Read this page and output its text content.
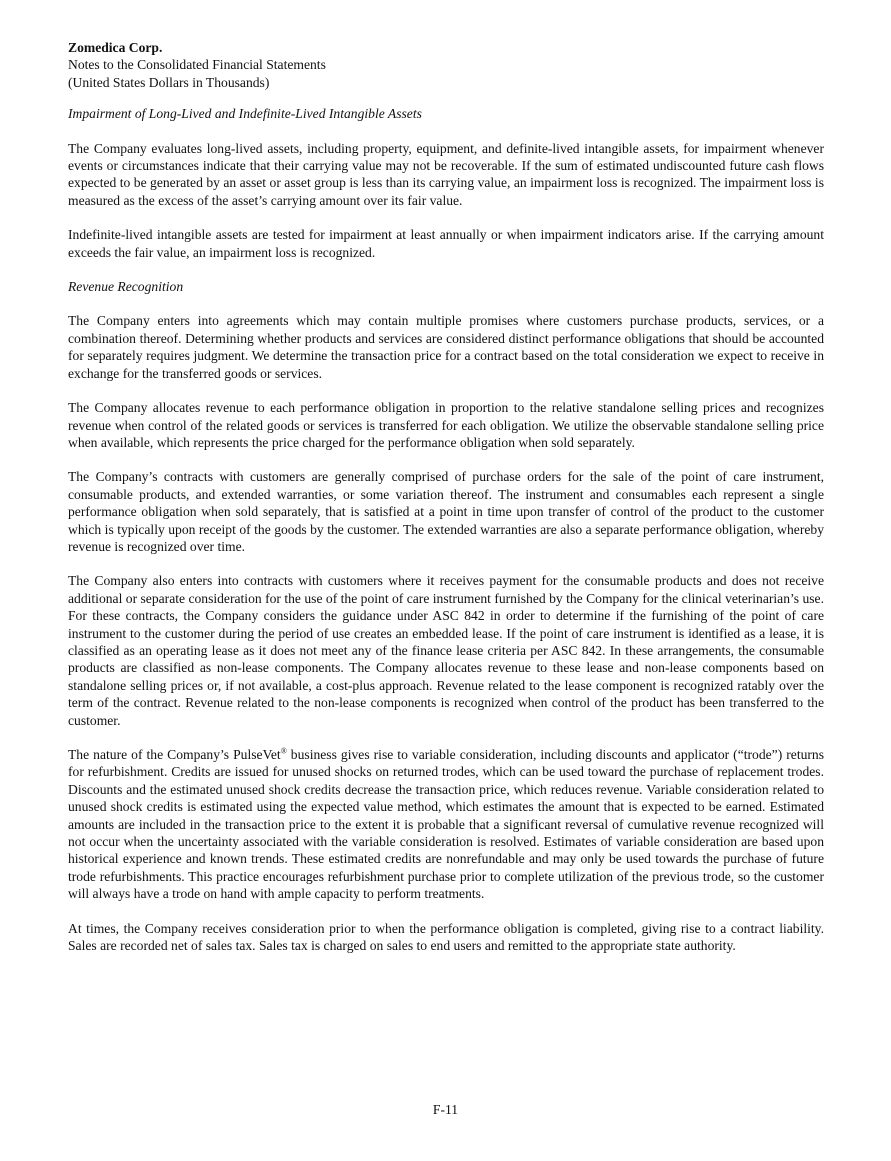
Zomedica Corp.
Notes to the Consolidated Financial Statements
(United States Dollars in Thousands)
Impairment of Long-Lived and Indefinite-Lived Intangible Assets

The Company evaluates long-lived assets, including property, equipment, and definite-lived intangible assets, for impairment whenever events or circumstances indicate that their carrying value may not be recoverable. If the sum of estimated undiscounted future cash flows expected to be generated by an asset or asset group is less than its carrying value, an impairment loss is recognized. The impairment loss is measured as the excess of the asset’s carrying amount over its fair value.

Indefinite-lived intangible assets are tested for impairment at least annually or when impairment indicators arise. If the carrying amount exceeds the fair value, an impairment loss is recognized.

Revenue Recognition

The Company enters into agreements which may contain multiple promises where customers purchase products, services, or a combination thereof. Determining whether products and services are considered distinct performance obligations that should be accounted for separately requires judgment. We determine the transaction price for a contract based on the total consideration we expect to receive in exchange for the transferred goods or services.

The Company allocates revenue to each performance obligation in proportion to the relative standalone selling prices and recognizes revenue when control of the related goods or services is transferred for each obligation. We utilize the observable standalone selling price when available, which represents the price charged for the performance obligation when sold separately.

The Company’s contracts with customers are generally comprised of purchase orders for the sale of the point of care instrument, consumable products, and extended warranties, or some variation thereof. The instrument and consumables each represent a single performance obligation when sold separately, that is satisfied at a point in time upon transfer of control of the product to the customer which is typically upon receipt of the goods by the customer. The extended warranties are also a separate performance obligation, whereby revenue is recognized over time.

The Company also enters into contracts with customers where it receives payment for the consumable products and does not receive additional or separate consideration for the use of the point of care instrument furnished by the Company for the clinical veterinarian’s use. For these contracts, the Company considers the guidance under ASC 842 in order to determine if the furnishing of the point of care instrument to the customer during the period of use creates an embedded lease. If the point of care instrument is identified as a lease, it is classified as an operating lease as it does not meet any of the finance lease criteria per ASC 842. In these arrangements, the consumable products are classified as non-lease components. The Company allocates revenue to these lease and non-lease components based on standalone selling prices or, if not available, a cost-plus approach. Revenue related to the lease component is recognized ratably over the term of the contract. Revenue related to the non-lease components is recognized when control of the product has been transferred to the customer.

The nature of the Company’s PulseVet® business gives rise to variable consideration, including discounts and applicator (“trode”) returns for refurbishment. Credits are issued for unused shocks on returned trodes, which can be used toward the purchase of replacement trodes. Discounts and the estimated unused shock credits decrease the transaction price, which reduces revenue. Variable consideration related to unused shock credits is estimated using the expected value method, which estimates the amount that is expected to be earned. Estimated amounts are included in the transaction price to the extent it is probable that a significant reversal of cumulative revenue recognized will not occur when the uncertainty associated with the variable consideration is resolved. Estimates of variable consideration are based upon historical experience and known trends. These estimated credits are nonrefundable and may only be used towards the purchase of future trode refurbishments. This practice encourages refurbishment purchase prior to complete utilization of the previous trode, so the customer will always have a trode on hand with ample capacity to perform treatments.

At times, the Company receives consideration prior to when the performance obligation is completed, giving rise to a contract liability. Sales are recorded net of sales tax. Sales tax is charged on sales to end users and remitted to the appropriate state authority.

F-11
